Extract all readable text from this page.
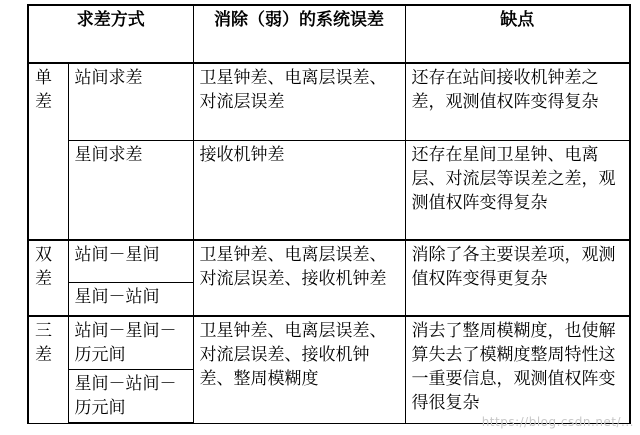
求差方式		消除（弱）的系统误差	缺点
单差	站间求差	卫星钟差、电离层误差、对流层误差	还存在站间接收机钟差之差，观测值权阵变得复杂
	星间求差	接收机钟差	还存在星间卫星钟、电离层、对流层等误差之差，观测值权阵变得复杂
双差	站间－星间	卫星钟差、电离层误差、对流层误差、接收机钟差	消除了各主要误差项，观测值权阵变得更复杂
	星间－站间		
三差	站间－星间－历元间	卫星钟差、电离层误差、对流层误差、接收机钟差、整周模糊度	消去了整周模糊度，也使解算失去了模糊度整周特性这一重要信息，观测值权阵变得很复杂
	星间－站间－历元间		
https://blog.csdn.net/...
